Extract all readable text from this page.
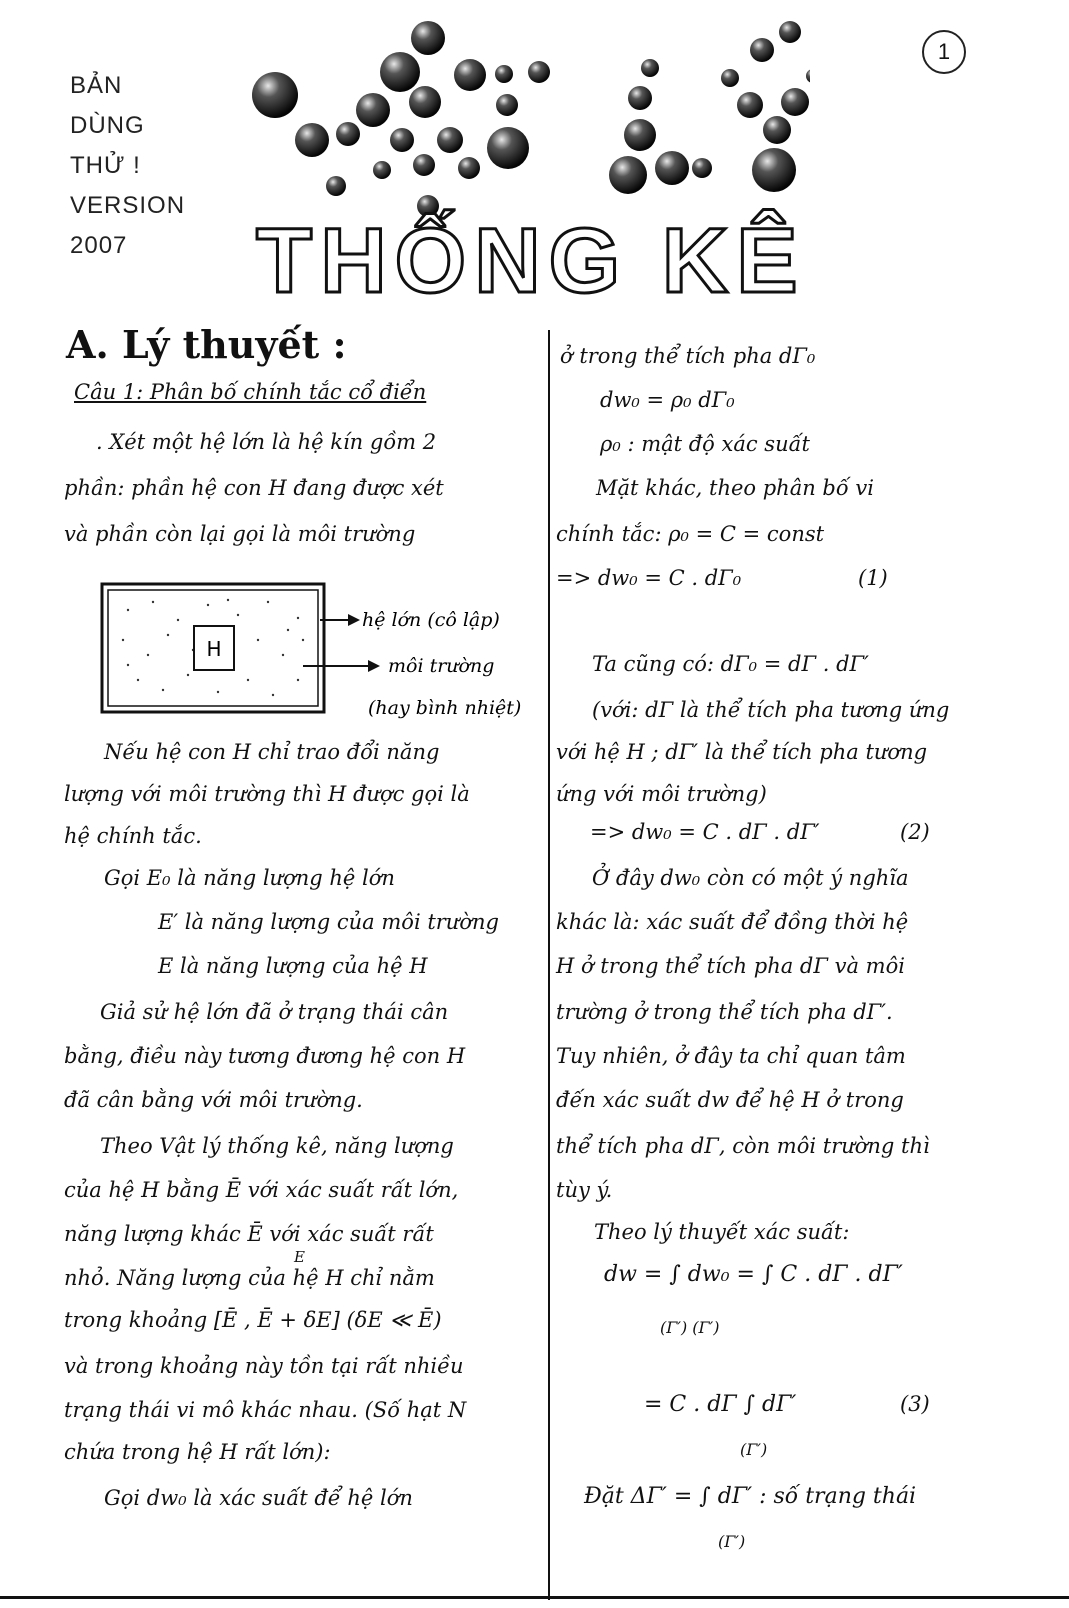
BẢN
DÙNG
THỬ !
VERSION
2007
1
THỐNG KÊ
A. Lý thuyết :
Câu 1: Phân bố chính tắc cổ điển
. Xét một hệ lớn là hệ kín gồm 2
phần: phần hệ con H đang được xét
và phần còn lại gọi là môi trường
H
hệ lớn (cô lập)
môi trường
(hay bình nhiệt)
Nếu hệ con H chỉ trao đổi năng
lượng với môi trường thì H được gọi là
hệ chính tắc.
Gọi E₀ là năng lượng hệ lớn
E′ là năng lượng của môi trường
E là năng lượng của hệ H
Giả sử hệ lớn đã ở trạng thái cân
bằng, điều này tương đương hệ con H
đã cân bằng với môi trường.
Theo Vật lý thống kê, năng lượng
của hệ H bằng Ē với xác suất rất lớn,
năng lượng khác Ē với xác suất rất
E
nhỏ. Năng lượng của hệ H chỉ nằm
trong khoảng [Ē , Ē + δE] (δE ≪ Ē)
và trong khoảng này tồn tại rất nhiều
trạng thái vi mô khác nhau. (Số hạt N
chứa trong hệ H rất lớn):
Gọi dw₀ là xác suất để hệ lớn
ở trong thể tích pha dΓ₀
dw₀ = ρ₀ dΓ₀
ρ₀ : mật độ xác suất
Mặt khác, theo phân bố vi
chính tắc: ρ₀ = C = const
=> dw₀ = C . dΓ₀	(1)
Ta cũng có: dΓ₀ = dΓ . dΓ′
(với: dΓ là thể tích pha tương ứng
với hệ H ; dΓ′ là thể tích pha tương
ứng với môi trường)
=> dw₀ = C . dΓ . dΓ′	(2)
Ở đây dw₀ còn có một ý nghĩa
khác là: xác suất để đồng thời hệ
H ở trong thể tích pha dΓ và môi
trường ở trong thể tích pha dΓ′.
Tuy nhiên, ở đây ta chỉ quan tâm
đến xác suất dw để hệ H ở trong
thể tích pha dΓ, còn môi trường thì
tùy ý.
Theo lý thuyết xác suất:
dw = ∫ dw₀ = ∫ C . dΓ . dΓ′
(Γ′) (Γ′)
= C . dΓ ∫ dΓ′	(3)
(Γ′)
Đặt ΔΓ′ = ∫ dΓ′ : số trạng thái
(Γ′)
